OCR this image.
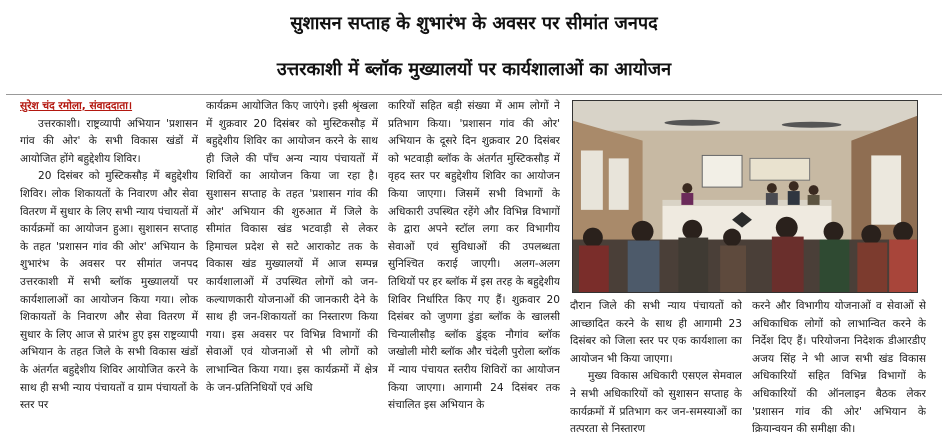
सुशासन सप्ताह के शुभारंभ के अवसर पर सीमांत जनपद
उत्तरकाशी में ब्लॉक मुख्यालयों पर कार्यशालाओं का आयोजन
सुरेश चंद रमोला, संवाददाता।

उत्तरकाशी। राष्ट्रव्यापी अभियान 'प्रशासन गांव की ओर' के सभी विकास खंडों में आयोजित होंगे बहुद्देशीय शिविर।

20 दिसंबर को मुस्टिकसौड़ में बहुद्देशीय शिविर। लोक शिकायतों के निवारण और सेवा वितरण में सुधार के लिए सभी न्याय पंचायतों में कार्यक्रमों का आयोजन हुआ। सुशासन सप्ताह के तहत 'प्रशासन गांव की ओर' अभियान के शुभारंभ के अवसर पर सीमांत जनपद उत्तरकाशी में सभी ब्लॉक मुख्यालयों पर कार्यशालाओं का आयोजन किया गया। लोक शिकायतों के निवारण और सेवा वितरण में सुधार के लिए आज से प्रारंभ हुए इस राष्ट्रव्यापी अभियान के तहत जिले के सभी विकास खंडों के अंतर्गत बहुद्देशीय शिविर आयोजित करने के साथ ही सभी न्याय पंचायतों व ग्राम पंचायतों के स्तर पर

कार्यक्रम आयोजित किए जाएंगे। इसी श्रृंखला में शुक्रवार 20 दिसंबर को मुस्टिकसौड़ में बहुद्देशीय शिविर का आयोजन करने के साथ ही जिले की पाँच अन्य न्याय पंचायतों में शिविरों का आयोजन किया जा रहा है।सुशासन सप्ताह के तहत 'प्रशासन गांव की ओर' अभियान की शुरुआत में जिले के सीमांत विकास खंड भटवाड़ी से लेकर हिमाचल प्रदेश से सटे आराकोट तक के विकास खंड मुख्यालयों में आज सम्पन्न कार्यशालाओं में उपस्थित लोगों को जन-कल्याणकारी योजनाओं की जानकारी देने के साथ ही जन-शिकायतों का निस्तारण किया गया। इस अवसर पर विभिन्न विभागों की सेवाओं एवं योजनाओं से भी लोगों को लाभान्वित किया गया। इस कार्यक्रमों में क्षेत्र के जन-प्रतिनिधियों एवं अधि

कारियों सहित बड़ी संख्या में आम लोगों ने प्रतिभाग किया। 'प्रशासन गांव की ओर' अभियान के दूसरे दिन शुक्रवार 20 दिसंबर को भटवाड़ी ब्लॉक के अंतर्गत मुस्टिकसौड़ में वृहद स्तर पर बहुद्देशीय शिविर का आयोजन किया जाएगा। जिसमें सभी विभागों के अधिकारी उपस्थित रहेंगे और विभिन्न विभागों के द्वारा अपने स्टॉल लगा कर विभागीय सेवाओं एवं सुविधाओं की उपलब्धता सुनिश्चित कराई जाएगी। अलग-अलग तिथियों पर हर ब्लॉक में इस तरह के बहुद्देशीय शिविर निर्धारित किए गए हैं। शुक्रवार 20 दिसंबर को जुणगा डुंडा ब्लॉक के खालसी चिन्यालीसौड़ ब्लॉक डुंड्क नौगांव ब्लॉक जखोली मोरी ब्लॉक और चंदेली पुरोला ब्लॉक में न्याय पंचायत स्तरीय शिविरों का आयोजन किया जाएगा। आगामी 24 दिसंबर तक संचालित इस अभियान के

दौरान जिले की सभी न्याय पंचायतों को आच्छादित करने के साथ ही आगामी 23 दिसंबर को जिला स्तर पर एक कार्यशाला का आयोजन भी किया जाएगा।

मुख्य विकास अधिकारी एसएल सेमवाल ने सभी अधिकारियों को सुशासन सप्ताह के कार्यक्रमों में प्रतिभाग कर जन-समस्याओं का तत्परता से निस्तारण

करने और विभागीय योजनाओं व सेवाओं से अधिकाधिक लोगों को लाभान्वित करने के निर्देश दिए हैं। परियोजना निदेशक डीआरडीए अजय सिंह ने भी आज सभी खंड विकास अधिकारियों सहित विभिन्न विभागों के अधिकारियों की ऑनलाइन बैठक लेकर 'प्रशासन गांव की ओर' अभियान के क्रियान्वयन की समीक्षा की।
